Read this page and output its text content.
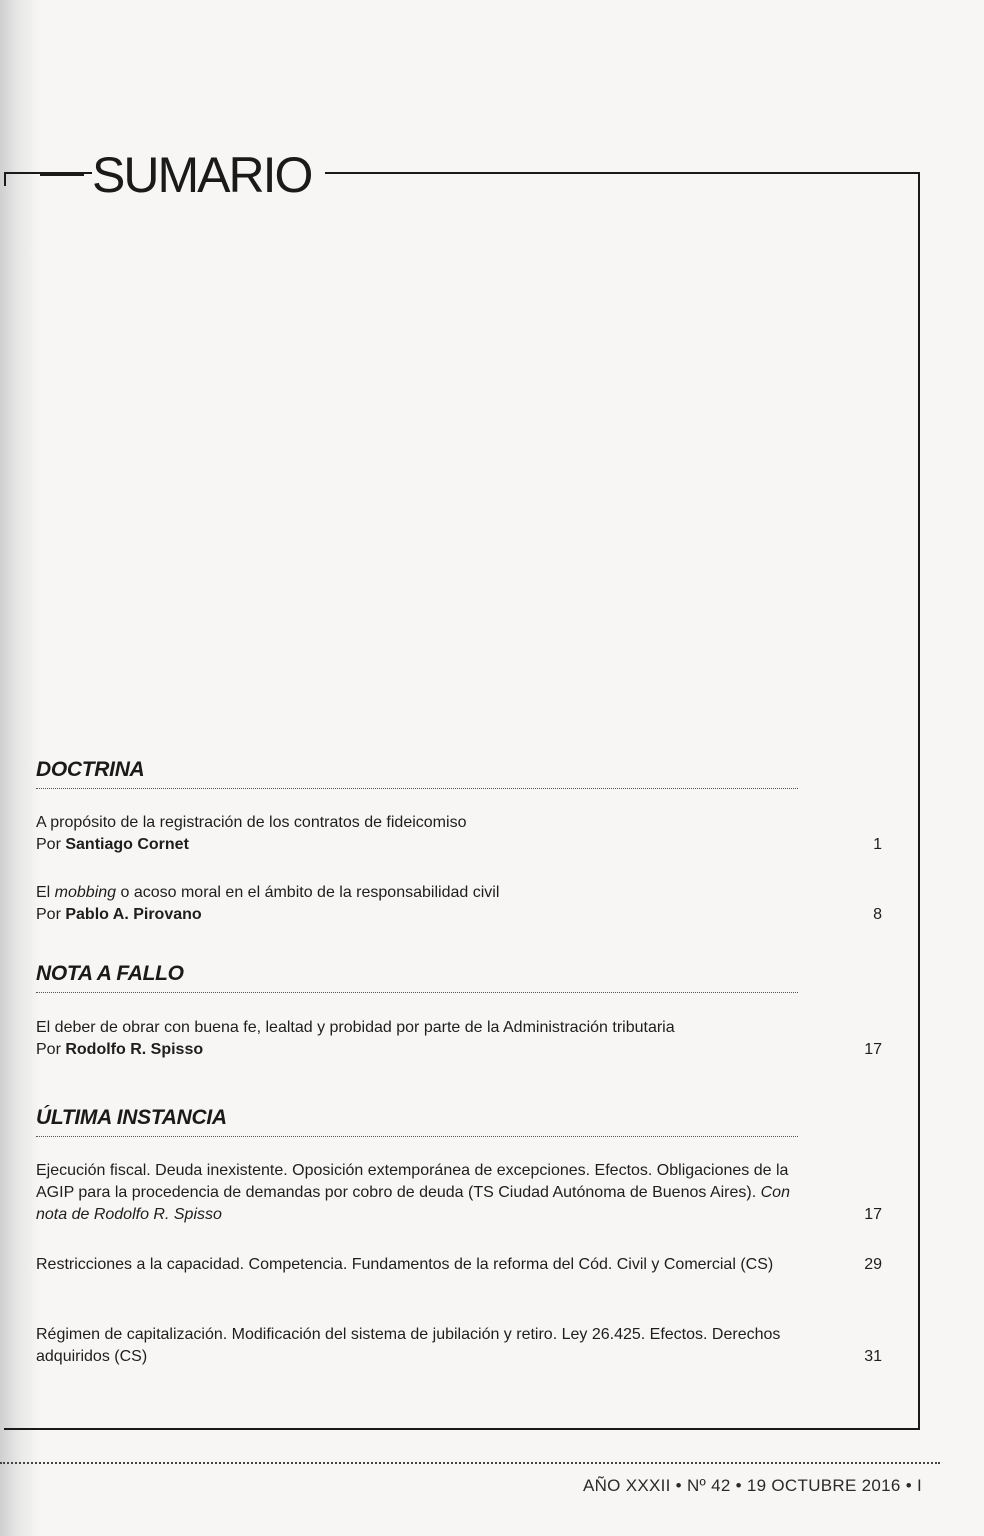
SUMARIO
DOCTRINA
A propósito de la registración de los contratos de fideicomiso
Por Santiago Cornet	1
El mobbing o acoso moral en el ámbito de la responsabilidad civil
Por Pablo A. Pirovano	8
NOTA A FALLO
El deber de obrar con buena fe, lealtad y probidad por parte de la Administración tributaria
Por Rodolfo R. Spisso	17
ÚLTIMA INSTANCIA
Ejecución fiscal. Deuda inexistente. Oposición extemporánea de excepciones. Efectos. Obligaciones de la AGIP para la procedencia de demandas por cobro de deuda (TS Ciudad Autónoma de Buenos Aires). Con nota de Rodolfo R. Spisso	17
Restricciones a la capacidad. Competencia. Fundamentos de la reforma del Cód. Civil y Comercial (CS)	29
Régimen de capitalización. Modificación del sistema de jubilación y retiro. Ley 26.425. Efectos. Derechos adquiridos (CS)	31
AÑO XXXII • Nº 42 • 19 OCTUBRE 2016 • I
